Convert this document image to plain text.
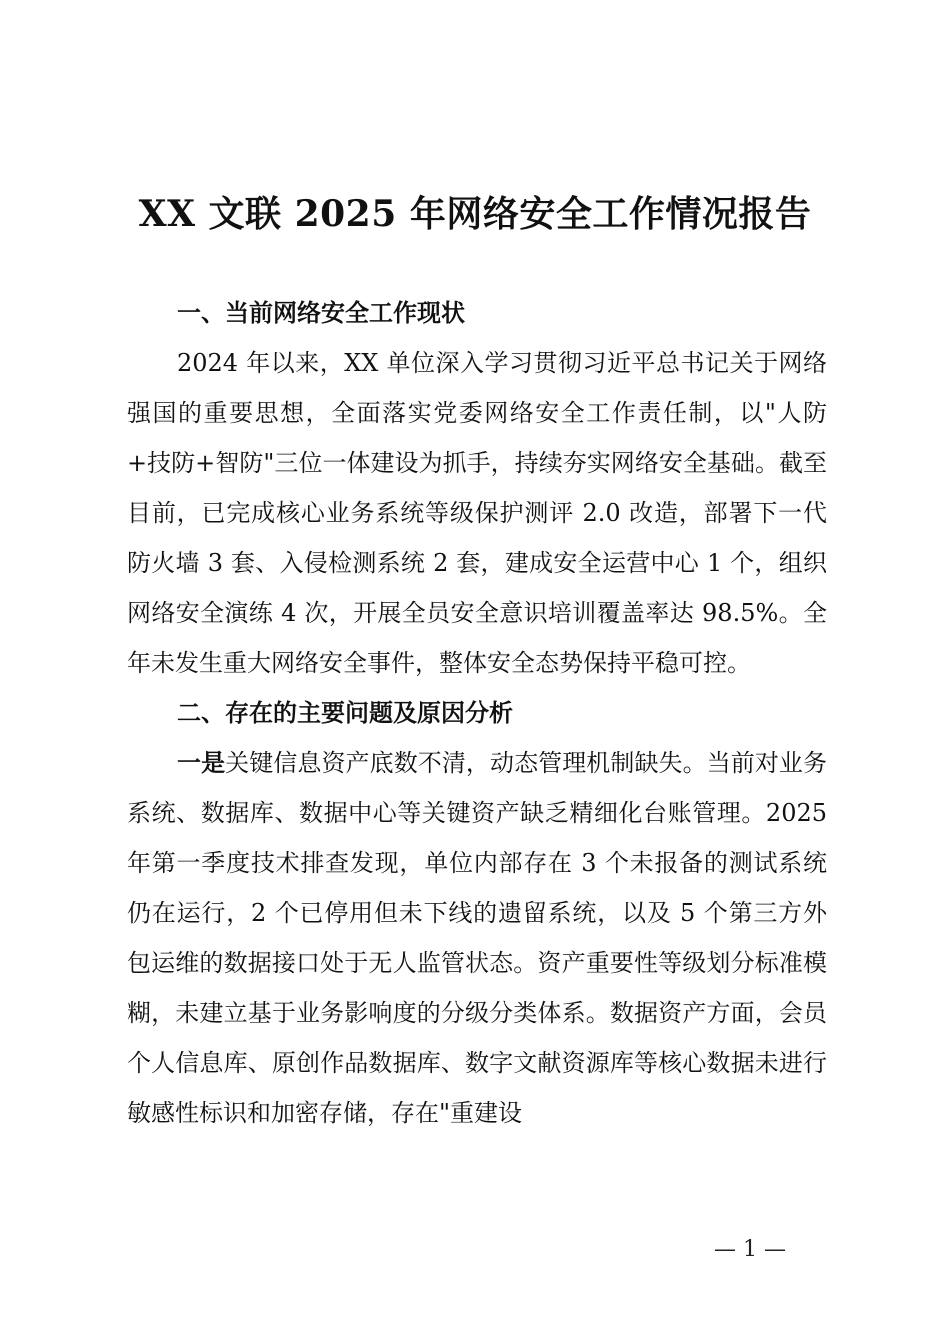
XX 文联 2025 年网络安全工作情况报告

一、当前网络安全工作现状

2024 年以来，XX 单位深入学习贯彻习近平总书记关于网络强国的重要思想，全面落实党委网络安全工作责任制，以"人防+技防+智防"三位一体建设为抓手，持续夯实网络安全基础。截至目前，已完成核心业务系统等级保护测评 2.0 改造，部署下一代防火墙 3 套、入侵检测系统 2 套，建成安全运营中心 1 个，组织网络安全演练 4 次，开展全员安全意识培训覆盖率达 98.5%。全年未发生重大网络安全事件，整体安全态势保持平稳可控。

二、存在的主要问题及原因分析

一是关键信息资产底数不清，动态管理机制缺失。当前对业务系统、数据库、数据中心等关键资产缺乏精细化台账管理。2025 年第一季度技术排查发现，单位内部存在 3 个未报备的测试系统仍在运行，2 个已停用但未下线的遗留系统，以及 5 个第三方外包运维的数据接口处于无人监管状态。资产重要性等级划分标准模糊，未建立基于业务影响度的分级分类体系。数据资产方面，会员个人信息库、原创作品数据库、数字文献资源库等核心数据未进行敏感性标识和加密存储，存在"重建设

— 1 —
